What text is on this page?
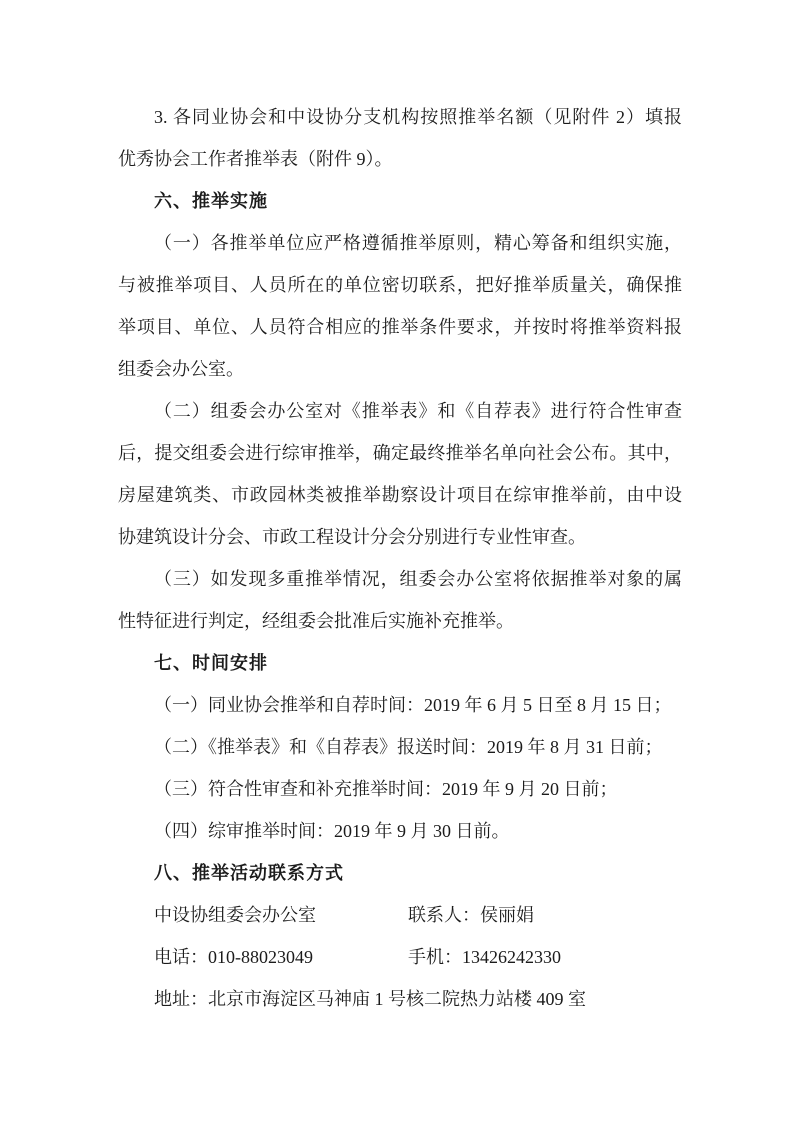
3. 各同业协会和中设协分支机构按照推举名额（见附件 2）填报
优秀协会工作者推举表（附件 9）。
六、推举实施
（一）各推举单位应严格遵循推举原则，精心筹备和组织实施，
与被推举项目、人员所在的单位密切联系，把好推举质量关，确保推
举项目、单位、人员符合相应的推举条件要求，并按时将推举资料报
组委会办公室。
（二）组委会办公室对《推举表》和《自荐表》进行符合性审查
后，提交组委会进行综审推举，确定最终推举名单向社会公布。其中，
房屋建筑类、市政园林类被推举勘察设计项目在综审推举前，由中设
协建筑设计分会、市政工程设计分会分别进行专业性审查。
（三）如发现多重推举情况，组委会办公室将依据推举对象的属
性特征进行判定，经组委会批准后实施补充推举。
七、时间安排
（一）同业协会推举和自荐时间：2019 年 6 月 5 日至 8 月 15 日；
（二）《推举表》和《自荐表》报送时间：2019 年 8 月 31 日前；
（三）符合性审查和补充推举时间：2019 年 9 月 20 日前；
（四）综审推举时间：2019 年 9 月 30 日前。
八、推举活动联系方式
中设协组委会办公室	联系人：侯丽娟
电话：010-88023049	手机：13426242330
地址：北京市海淀区马神庙 1 号核二院热力站楼 409 室
